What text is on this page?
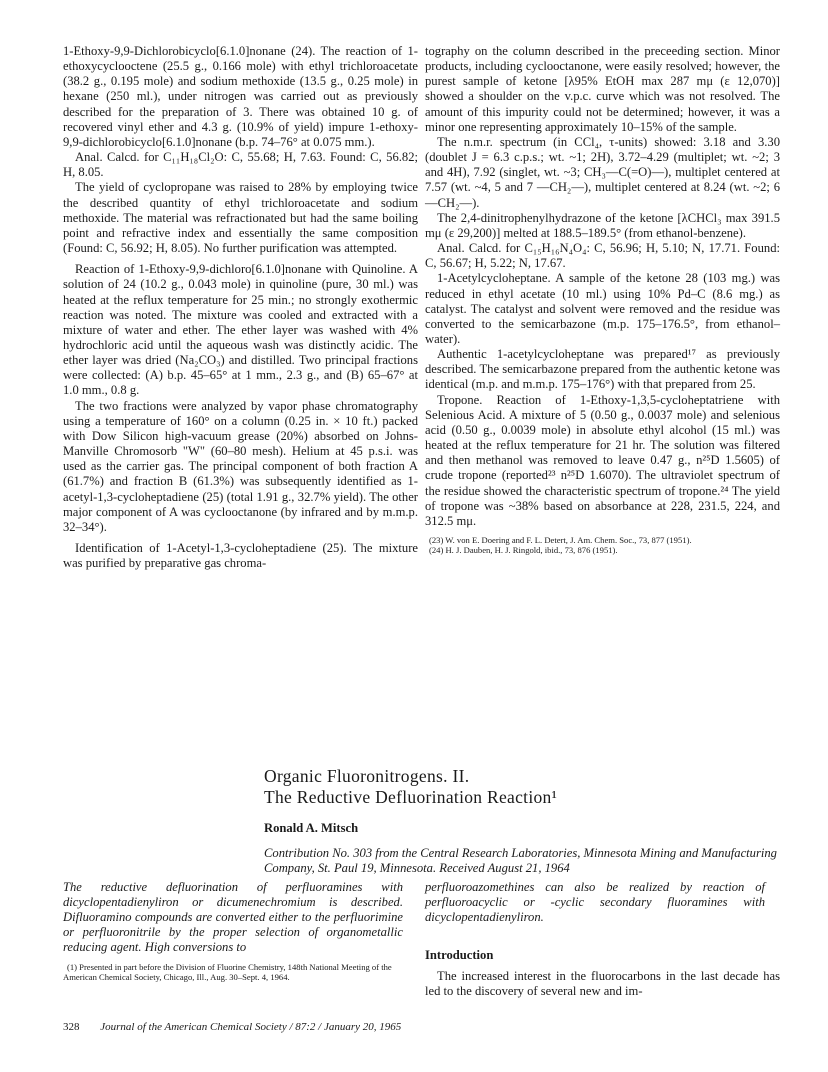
1-Ethoxy-9,9-Dichlorobicyclo[6.1.0]nonane (24). The reaction of 1-ethoxycyclooctene (25.5 g., 0.166 mole) with ethyl trichloroacetate (38.2 g., 0.195 mole) and sodium methoxide (13.5 g., 0.25 mole) in hexane (250 ml.), under nitrogen was carried out as previously described for the preparation of 3. There was obtained 10 g. of recovered vinyl ether and 4.3 g. (10.9% of yield) impure 1-ethoxy-9,9-dichlorobicyclo[6.1.0]nonane (b.p. 74–76° at 0.075 mm.).

Anal. Calcd. for C₁₁H₁₈Cl₂O: C, 55.68; H, 7.63. Found: C, 56.82; H, 8.05.

The yield of cyclopropane was raised to 28% by employing twice the described quantity of ethyl trichloroacetate and sodium methoxide. The material was refractionated but had the same boiling point and refractive index and essentially the same composition (Found: C, 56.92; H, 8.05). No further purification was attempted.

Reaction of 1-Ethoxy-9,9-dichloro[6.1.0]nonane with Quinoline. A solution of 24 (10.2 g., 0.043 mole) in quinoline (pure, 30 ml.) was heated at the reflux temperature for 25 min.; no strongly exothermic reaction was noted. The mixture was cooled and extracted with a mixture of water and ether. The ether layer was washed with 4% hydrochloric acid until the aqueous wash was distinctly acidic. The ether layer was dried (Na₂CO₃) and distilled. Two principal fractions were collected: (A) b.p. 45–65° at 1 mm., 2.3 g., and (B) 65–67° at 1.0 mm., 0.8 g.

The two fractions were analyzed by vapor phase chromatography using a temperature of 160° on a column (0.25 in. × 10 ft.) packed with Dow Silicon high-vacuum grease (20%) absorbed on Johns-Manville Chromosorb "W" (60–80 mesh). Helium at 45 p.s.i. was used as the carrier gas. The principal component of both fraction A (61.7%) and fraction B (61.3%) was subsequently identified as 1-acetyl-1,3-cycloheptadiene (25) (total 1.91 g., 32.7% yield). The other major component of A was cyclooctanone (by infrared and by m.m.p. 32–34°).

Identification of 1-Acetyl-1,3-cycloheptadiene (25). The mixture was purified by preparative gas chroma-

tography on the column described in the preceeding section. Minor products, including cyclooctanone, were easily resolved; however, the purest sample of ketone [λ95% EtOH max 287 mμ (ε 12,070)] showed a shoulder on the v.p.c. curve which was not resolved. The amount of this impurity could not be determined; however, it was a minor one representing approximately 10–15% of the sample.

The n.m.r. spectrum (in CCl₄, τ-units) showed: 3.18 and 3.30 (doublet J = 6.3 c.p.s.; wt. ~1; 2H), 3.72–4.29 (multiplet; wt. ~2; 3 and 4H), 7.92 (singlet, wt. ~3; CH₃—C(=O)—), multiplet centered at 7.57 (wt. ~4, 5 and 7 —CH₂—), multiplet centered at 8.24 (wt. ~2; 6 —CH₂—).

The 2,4-dinitrophenylhydrazone of the ketone [λCHCl₃ max 391.5 mμ (ε 29,200)] melted at 188.5–189.5° (from ethanol-benzene).

Anal. Calcd. for C₁₅H₁₆N₄O₄: C, 56.96; H, 5.10; N, 17.71. Found: C, 56.67; H, 5.22; N, 17.67.

1-Acetylcycloheptane. A sample of the ketone 28 (103 mg.) was reduced in ethyl acetate (10 ml.) using 10% Pd–C (8.6 mg.) as catalyst. The catalyst and solvent were removed and the residue was converted to the semicarbazone (m.p. 175–176.5°, from ethanol–water).

Authentic 1-acetylcycloheptane was prepared¹⁷ as previously described. The semicarbazone prepared from the authentic ketone was identical (m.p. and m.m.p. 175–176°) with that prepared from 25.

Tropone. Reaction of 1-Ethoxy-1,3,5-cycloheptatriene with Selenious Acid. A mixture of 5 (0.50 g., 0.0037 mole) and selenious acid (0.50 g., 0.0039 mole) in absolute ethyl alcohol (15 ml.) was heated at the reflux temperature for 21 hr. The solution was filtered and then methanol was removed to leave 0.47 g., n²⁵D 1.5605) of crude tropone (reported²³ n²⁵D 1.6070). The ultraviolet spectrum of the residue showed the characteristic spectrum of tropone.²⁴ The yield of tropone was ~38% based on absorbance at 228, 231.5, 224, and 312.5 mμ.

(23) W. von E. Doering and F. L. Detert, J. Am. Chem. Soc., 73, 877 (1951).

(24) H. J. Dauben, H. J. Ringold, ibid., 73, 876 (1951).

Organic Fluoronitrogens. II.
The Reductive Defluorination Reaction¹
Ronald A. Mitsch
Contribution No. 303 from the Central Research Laboratories, Minnesota Mining and Manufacturing Company, St. Paul 19, Minnesota. Received August 21, 1964
The reductive defluorination of perfluoramines with dicyclopentadienyliron or dicumenechromium is described. Difluoramino compounds are converted either to the perfluorimine or perfluoronitrile by the proper selection of organometallic reducing agent. High conversions to
perfluoroazomethines can also be realized by reaction of perfluoroacyclic or -cyclic secondary fluoramines with dicyclopentadienyliron.
(1) Presented in part before the Division of Fluorine Chemistry, 148th National Meeting of the American Chemical Society, Chicago, Ill., Aug. 30–Sept. 4, 1964.
Introduction
The increased interest in the fluorocarbons in the last decade has led to the discovery of several new and im-
328 Journal of the American Chemical Society / 87:2 / January 20, 1965
